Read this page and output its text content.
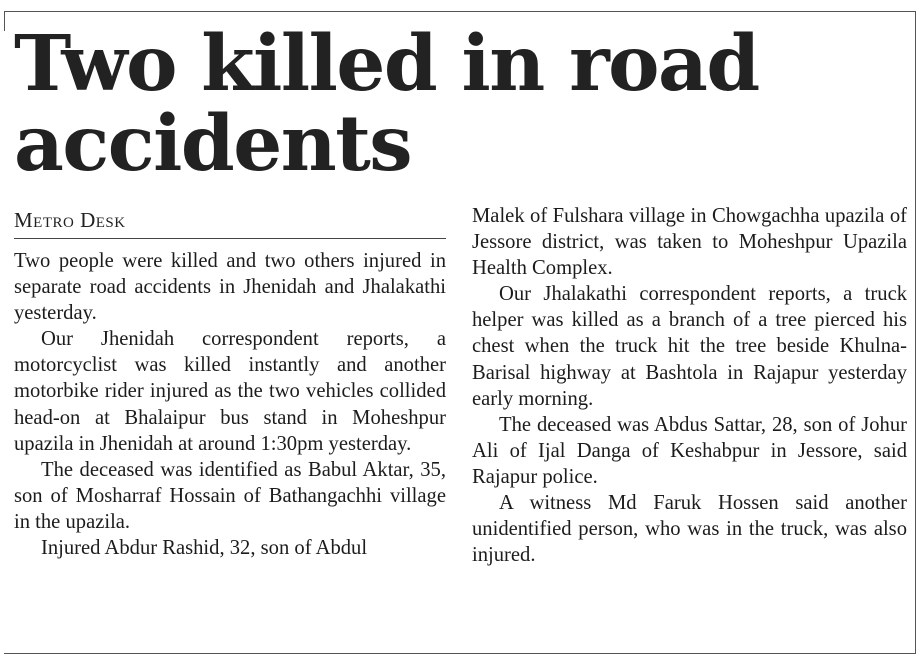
Two killed in road accidents
Metro Desk

Two people were killed and two others injured in separate road accidents in Jhenidah and Jhalakathi yesterday.

Our Jhenidah correspondent reports, a motorcyclist was killed instantly and another motorbike rider injured as the two vehicles collided head-on at Bhalaipur bus stand in Moheshpur upazila in Jhenidah at around 1:30pm yesterday.

The deceased was identified as Babul Aktar, 35, son of Mosharraf Hossain of Bathangachhi village in the upazila.

Injured Abdur Rashid, 32, son of Abdul

Malek of Fulshara village in Chowgachha upazila of Jessore district, was taken to Moheshpur Upazila Health Complex.

Our Jhalakathi correspondent reports, a truck helper was killed as a branch of a tree pierced his chest when the truck hit the tree beside Khulna-Barisal highway at Bashtola in Rajapur yesterday early morning.

The deceased was Abdus Sattar, 28, son of Johur Ali of Ijal Danga of Keshabpur in Jessore, said Rajapur police.

A witness Md Faruk Hossen said another unidentified person, who was in the truck, was also injured.
